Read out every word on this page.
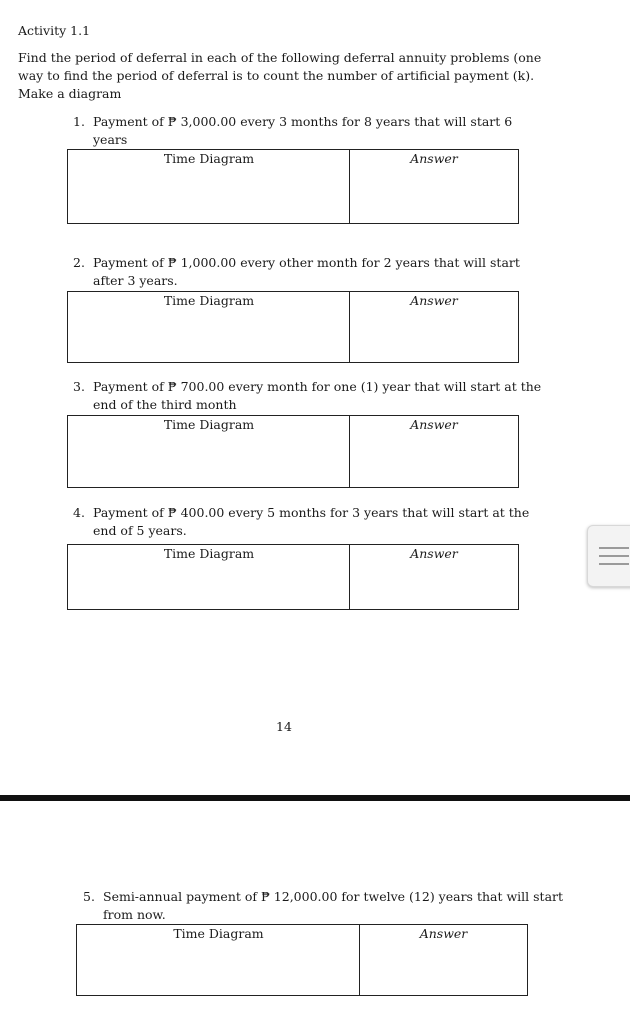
Activity 1.1
Find the period of deferral in each of the following deferral annuity problems (one
way to find the period of deferral is to count the number of artificial payment (k).
Make a diagram
1. Payment of ₱ 3,000.00 every 3 months for 8 years that will start 6
years
Time Diagram	Answer
2. Payment of ₱ 1,000.00 every other month for 2 years that will start
after 3 years.
Time Diagram	Answer
3. Payment of ₱ 700.00 every month for one (1) year that will start at the
end of the third month
Time Diagram	Answer
4. Payment of ₱ 400.00 every 5 months for 3 years that will start at the
end of 5 years.
Time Diagram	Answer
14
5. Semi-annual payment of ₱ 12,000.00 for twelve (12) years that will start
from now.
Time Diagram	Answer
